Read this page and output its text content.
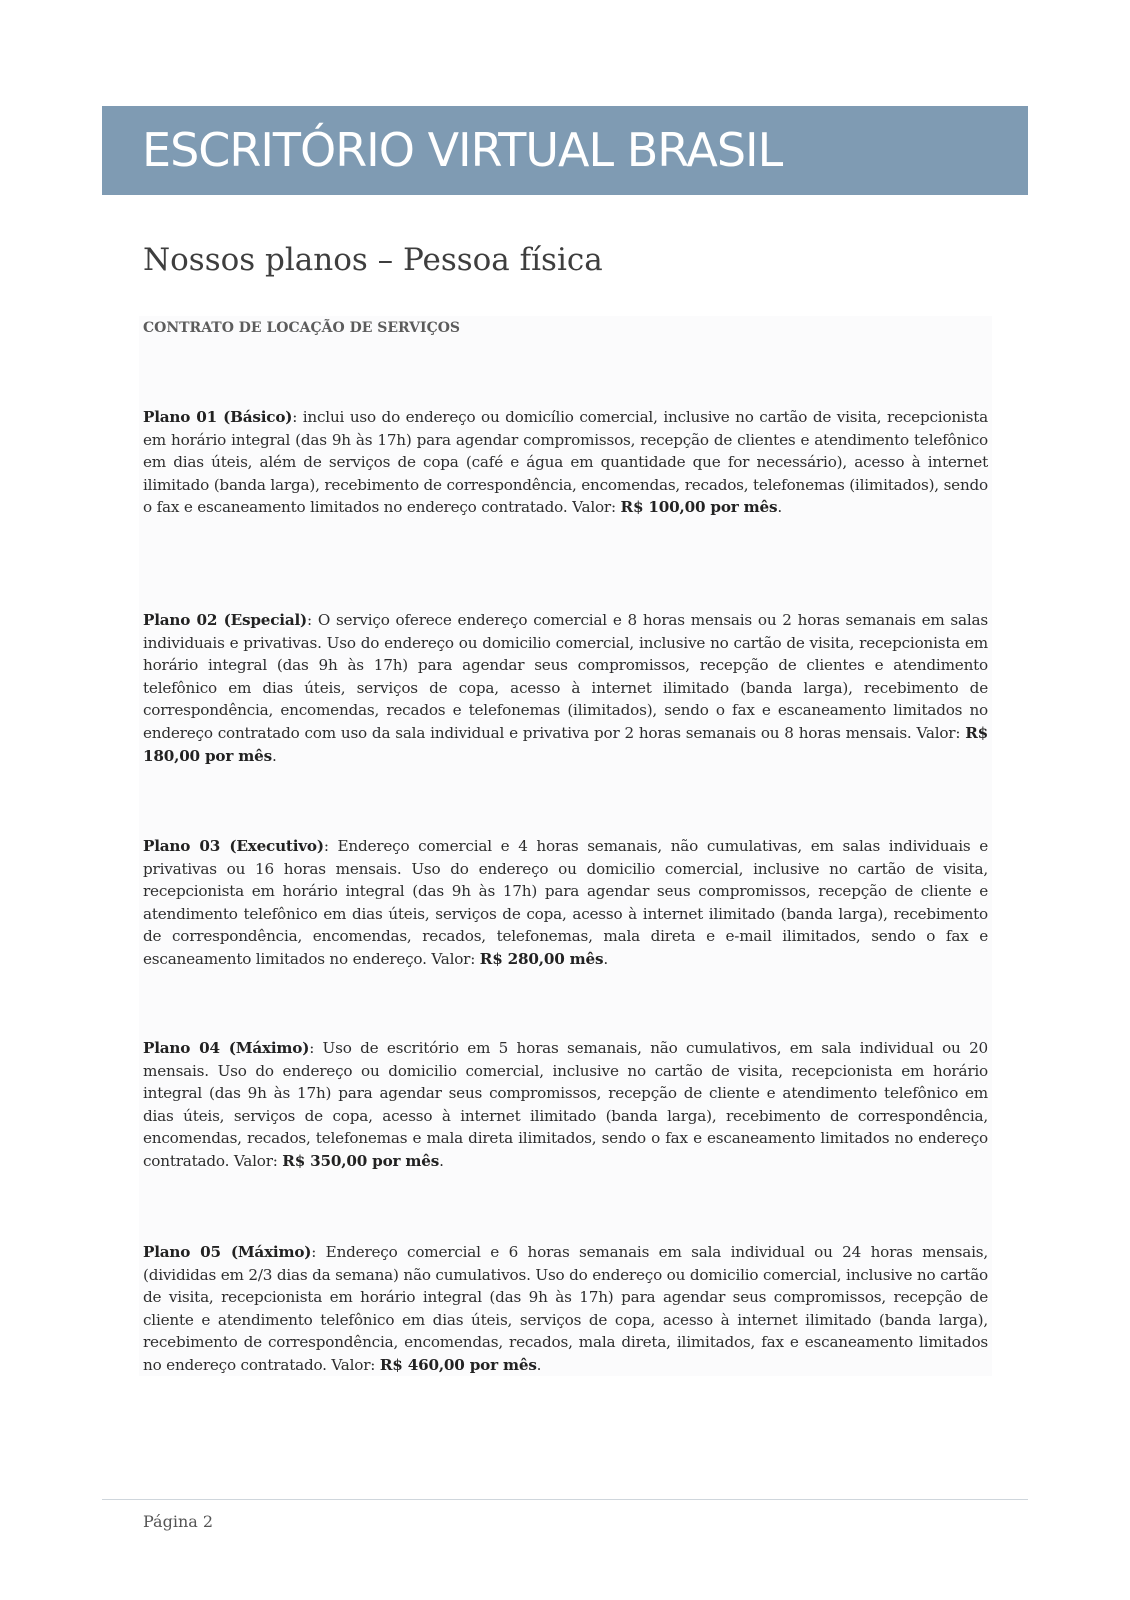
ESCRITÓRIO VIRTUAL BRASIL
Nossos planos – Pessoa física
CONTRATO DE LOCAÇÃO DE SERVIÇOS

Plano 01 (Básico): inclui uso do endereço ou domicílio comercial, inclusive no cartão de visita, recepcionista em horário integral (das 9h às 17h) para agendar compromissos, recepção de clientes e atendimento telefônico em dias úteis, além de serviços de copa (café e água em quantidade que for necessário), acesso à internet ilimitado (banda larga), recebimento de correspondência, encomendas, recados, telefonemas (ilimitados), sendo o fax e escaneamento limitados no endereço contratado. Valor: R$ 100,00 por mês.

Plano 02 (Especial): O serviço oferece endereço comercial e 8 horas mensais ou 2 horas semanais em salas individuais e privativas. Uso do endereço ou domicilio comercial, inclusive no cartão de visita, recepcionista em horário integral (das 9h às 17h) para agendar seus compromissos, recepção de clientes e atendimento telefônico em dias úteis, serviços de copa, acesso à internet ilimitado (banda larga), recebimento de correspondência, encomendas, recados e telefonemas (ilimitados), sendo o fax e escaneamento limitados no endereço contratado com uso da sala individual e privativa por 2 horas semanais ou 8 horas mensais. Valor: R$ 180,00 por mês.

Plano 03 (Executivo): Endereço comercial e 4 horas semanais, não cumulativas, em salas individuais e privativas ou 16 horas mensais. Uso do endereço ou domicilio comercial, inclusive no cartão de visita, recepcionista em horário integral (das 9h às 17h) para agendar seus compromissos, recepção de cliente e atendimento telefônico em dias úteis, serviços de copa, acesso à internet ilimitado (banda larga), recebimento de correspondência, encomendas, recados, telefonemas, mala direta e e-mail ilimitados, sendo o fax e escaneamento limitados no endereço. Valor: R$ 280,00 mês.

Plano 04 (Máximo): Uso de escritório em 5 horas semanais, não cumulativos, em sala individual ou 20 mensais. Uso do endereço ou domicilio comercial, inclusive no cartão de visita, recepcionista em horário integral (das 9h às 17h) para agendar seus compromissos, recepção de cliente e atendimento telefônico em dias úteis, serviços de copa, acesso à internet ilimitado (banda larga), recebimento de correspondência, encomendas, recados, telefonemas e mala direta ilimitados, sendo o fax e escaneamento limitados no endereço contratado. Valor: R$ 350,00 por mês.

Plano 05 (Máximo): Endereço comercial e 6 horas semanais em sala individual ou 24 horas mensais, (divididas em 2/3 dias da semana) não cumulativos. Uso do endereço ou domicilio comercial, inclusive no cartão de visita, recepcionista em horário integral (das 9h às 17h) para agendar seus compromissos, recepção de cliente e atendimento telefônico em dias úteis, serviços de copa, acesso à internet ilimitado (banda larga), recebimento de correspondência, encomendas, recados, mala direta, ilimitados, fax e escaneamento limitados no endereço contratado. Valor: R$ 460,00 por mês.

Página 2
